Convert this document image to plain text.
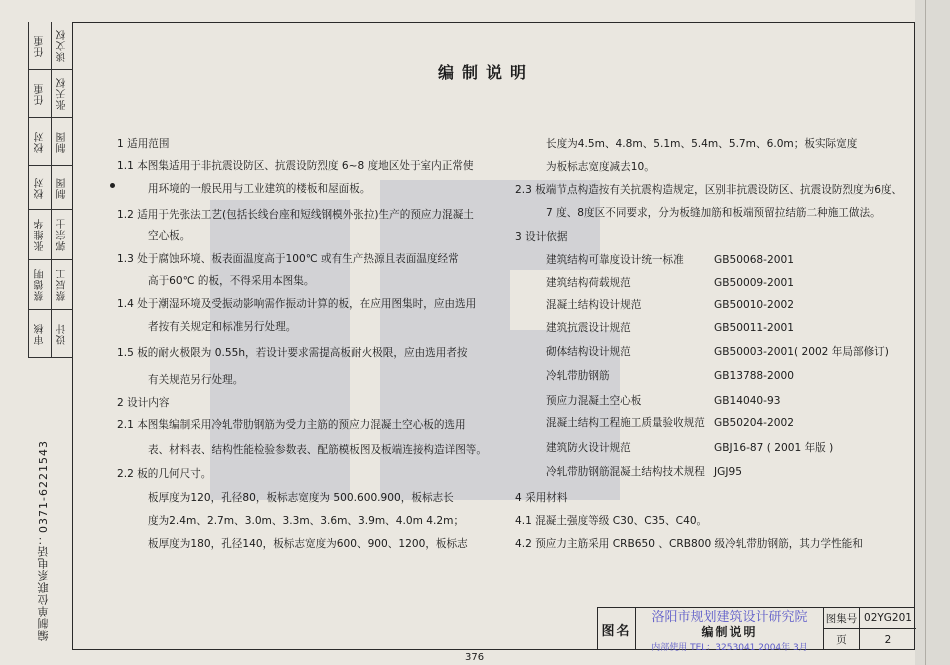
任重 谈文权
任重 张天权
校对 制图
校对 制图
张维华 郭宗士
蔡德明 蔡辰工
审核 设计
编制单位联系电话：0371-6221543
编制说明
1 适用范围
1.1 本图集适用于非抗震设防区、抗震设防烈度 6~8 度地区处于室内正常使
用环境的一般民用与工业建筑的楼板和屋面板。
1.2 适用于先张法工艺(包括长线台座和短线钢模外张拉)生产的预应力混凝土
空心板。
1.3 处于腐蚀环境、板表面温度高于100℃ 或有生产热源且表面温度经常
高于60℃ 的板，不得采用本图集。
1.4 处于潮湿环境及受振动影响需作振动计算的板，在应用图集时，应由选用
者按有关规定和标准另行处理。
1.5 板的耐火极限为 0.55h，若设计要求需提高板耐火极限，应由选用者按
有关规范另行处理。
2 设计内容
2.1 本图集编制采用冷轧带肋钢筋为受力主筋的预应力混凝土空心板的选用
表、材料表、结构性能检验参数表、配筋模板图及板端连接构造详图等。
2.2 板的几何尺寸。
板厚度为120，孔径80，板标志宽度为 500.600.900，板标志长
度为2.4m、2.7m、3.0m、3.3m、3.6m、3.9m、4.0m 4.2m；
板厚度为180，孔径140，板标志宽度为600、900、1200，板标志
长度为4.5m、4.8m、5.1m、5.4m、5.7m、6.0m；板实际宽度
为板标志宽度减去10。
2.3 板端节点构造按有关抗震构造规定，区别非抗震设防区、抗震设防烈度为6度、
7 度、8度区不同要求，分为板缝加筋和板端预留拉结筋二种施工做法。
3 设计依据
建筑结构可靠度设计统一标准	GB50068-2001
建筑结构荷载规范	GB50009-2001
混凝土结构设计规范	GB50010-2002
建筑抗震设计规范	GB50011-2001
砌体结构设计规范	GB50003-2001( 2002 年局部修订)
冷轧带肋钢筋	GB13788-2000
预应力混凝土空心板	GB14040-93
混凝土结构工程施工质量验收规范 GB50204-2002
建筑防火设计规范	GBJ16-87 ( 2001 年版 )
冷轧带肋钢筋混凝土结构技术规程 JGJ95
4 采用材料
4.1 混凝土强度等级 C30、C35、C40。
4.2 预应力主筋采用 CRB650 、CRB800 级冷轧带肋钢筋，其力学性能和
图名
洛阳市规划建筑设计研究院
编制说明
内部使用 TEL：3253041 2004年 3月
图集号 02YG201
页	2
376
